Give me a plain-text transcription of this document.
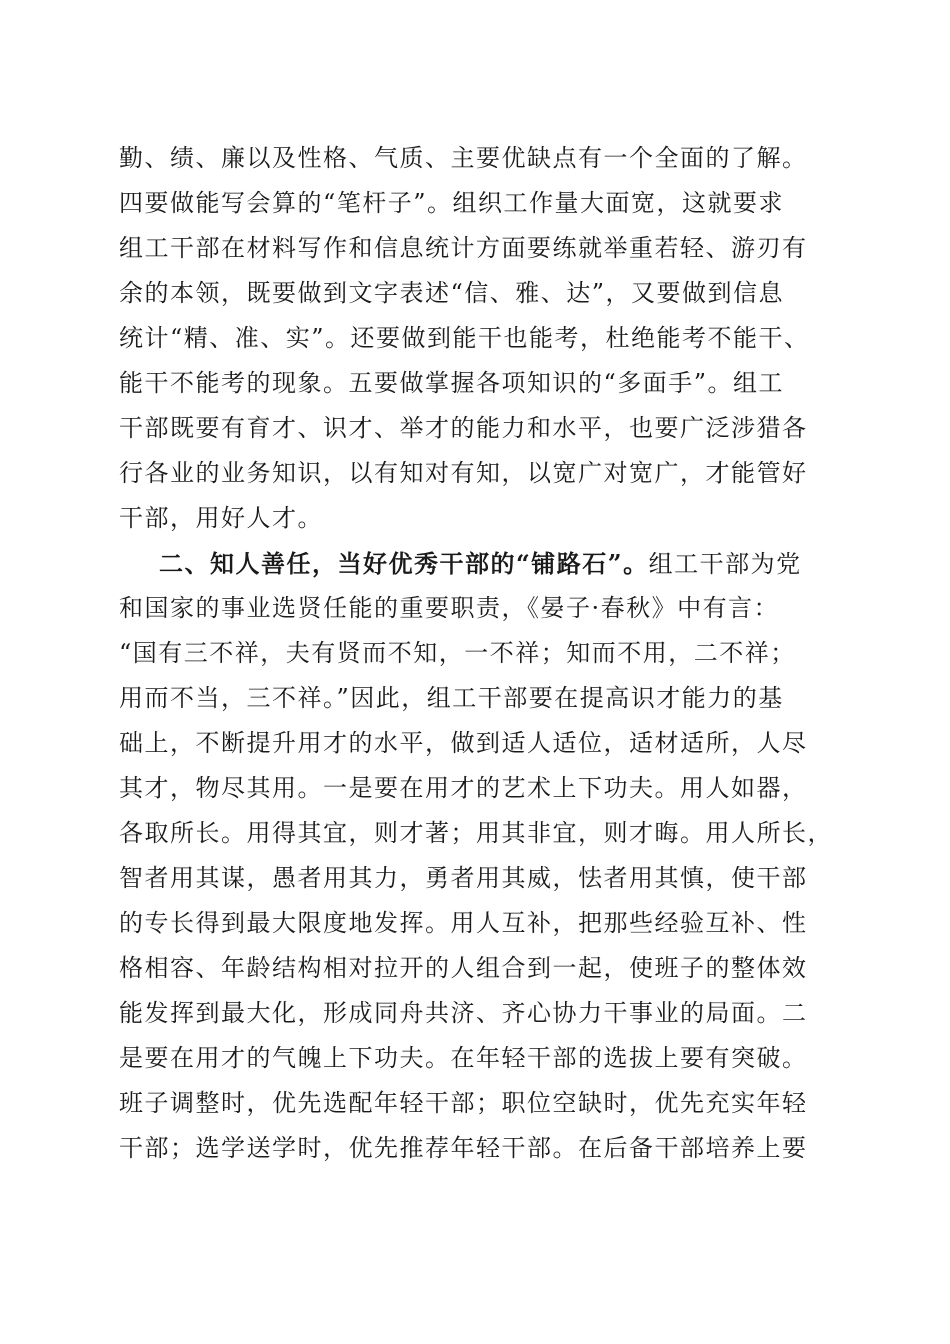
勤、绩、廉以及性格、气质、主要优缺点有一个全面的了解。
四要做能写会算的“笔杆子”。组织工作量大面宽，这就要求
组工干部在材料写作和信息统计方面要练就举重若轻、游刃有
余的本领，既要做到文字表述“信、雅、达”，又要做到信息
统计“精、准、实”。还要做到能干也能考，杜绝能考不能干、
能干不能考的现象。五要做掌握各项知识的“多面手”。组工
干部既要有育才、识才、举才的能力和水平，也要广泛涉猎各
行各业的业务知识，以有知对有知，以宽广对宽广，才能管好
干部，用好人才。
二、知人善任，当好优秀干部的“铺路石”。组工干部为党
和国家的事业选贤任能的重要职责，《晏子·春秋》中有言：
“国有三不祥，夫有贤而不知，一不祥；知而不用，二不祥；
用而不当，三不祥。”因此，组工干部要在提高识才能力的基
础上，不断提升用才的水平，做到适人适位，适材适所，人尽
其才，物尽其用。一是要在用才的艺术上下功夫。用人如器，
各取所长。用得其宜，则才著；用其非宜，则才晦。用人所长，
智者用其谋，愚者用其力，勇者用其威，怯者用其慎，使干部
的专长得到最大限度地发挥。用人互补，把那些经验互补、性
格相容、年龄结构相对拉开的人组合到一起，使班子的整体效
能发挥到最大化，形成同舟共济、齐心协力干事业的局面。二
是要在用才的气魄上下功夫。在年轻干部的选拔上要有突破。
班子调整时，优先选配年轻干部；职位空缺时，优先充实年轻
干部；选学送学时，优先推荐年轻干部。在后备干部培养上要
